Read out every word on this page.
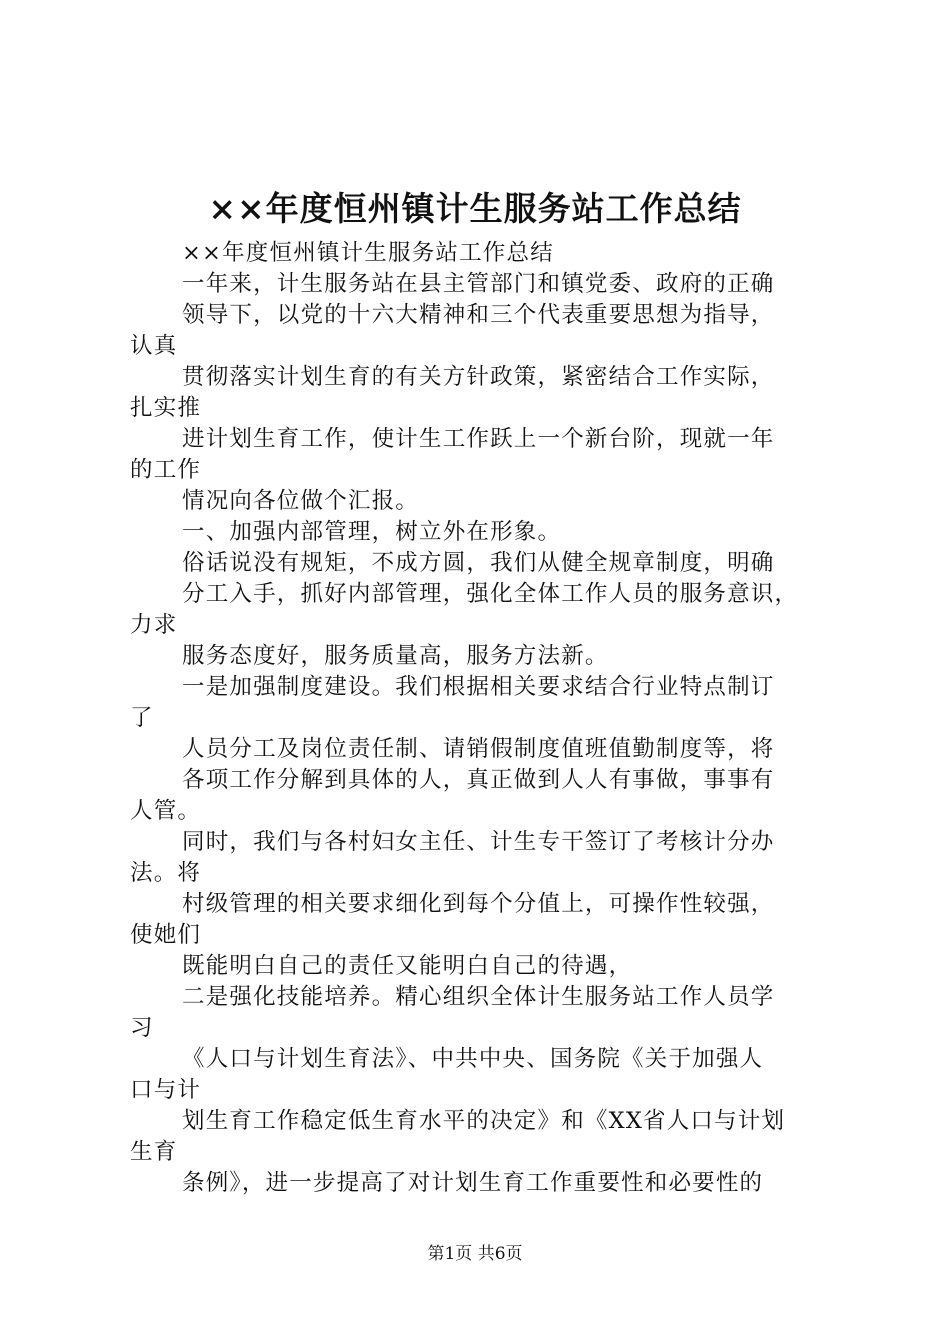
××年度恒州镇计生服务站工作总结
××年度恒州镇计生服务站工作总结
一年来，计生服务站在县主管部门和镇党委、政府的正确
领导下，以党的十六大精神和三个代表重要思想为指导，
认真
贯彻落实计划生育的有关方针政策，紧密结合工作实际，
扎实推
进计划生育工作，使计生工作跃上一个新台阶，现就一年
的工作
情况向各位做个汇报。
一、加强内部管理，树立外在形象。
俗话说没有规矩，不成方圆，我们从健全规章制度，明确
分工入手，抓好内部管理，强化全体工作人员的服务意识，
力求
服务态度好，服务质量高，服务方法新。
一是加强制度建设。我们根据相关要求结合行业特点制订
了
人员分工及岗位责任制、请销假制度值班值勤制度等，将
各项工作分解到具体的人，真正做到人人有事做，事事有
人管。
同时，我们与各村妇女主任、计生专干签订了考核计分办
法。将
村级管理的相关要求细化到每个分值上，可操作性较强，
使她们
既能明白自己的责任又能明白自己的待遇，
二是强化技能培养。精心组织全体计生服务站工作人员学
习
《人口与计划生育法》、中共中央、国务院《关于加强人
口与计
划生育工作稳定低生育水平的决定》和《XX省人口与计划
生育
条例》，进一步提高了对计划生育工作重要性和必要性的
第1页 共6页
